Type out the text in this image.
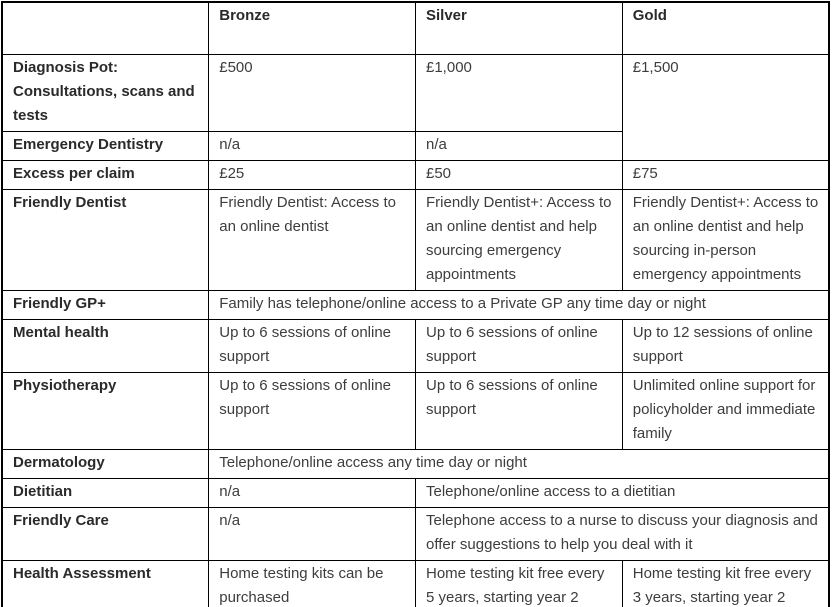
	Bronze	Silver	Gold
Diagnosis Pot: Consultations, scans and tests	£500	£1,000	£1,500
Emergency Dentistry	n/a	n/a	
Excess per claim	£25	£50	£75
Friendly Dentist	Friendly Dentist: Access to an online dentist	Friendly Dentist+: Access to an online dentist and help sourcing emergency appointments	Friendly Dentist+: Access to an online dentist and help sourcing in-person emergency appointments
Friendly GP+	Family has telephone/online access to a Private GP any time day or night		
Mental health	Up to 6 sessions of online support	Up to 6 sessions of online support	Up to 12 sessions of online support
Physiotherapy	Up to 6 sessions of online support	Up to 6 sessions of online support	Unlimited online support for policyholder and immediate family
Dermatology	Telephone/online access any time day or night		
Dietitian	n/a	Telephone/online access to a dietitian	
Friendly Care	n/a	Telephone access to a nurse to discuss your diagnosis and offer suggestions to help you deal with it	
Health Assessment	Home testing kits can be purchased	Home testing kit free every 5 years, starting year 2	Home testing kit free every 3 years, starting year 2
